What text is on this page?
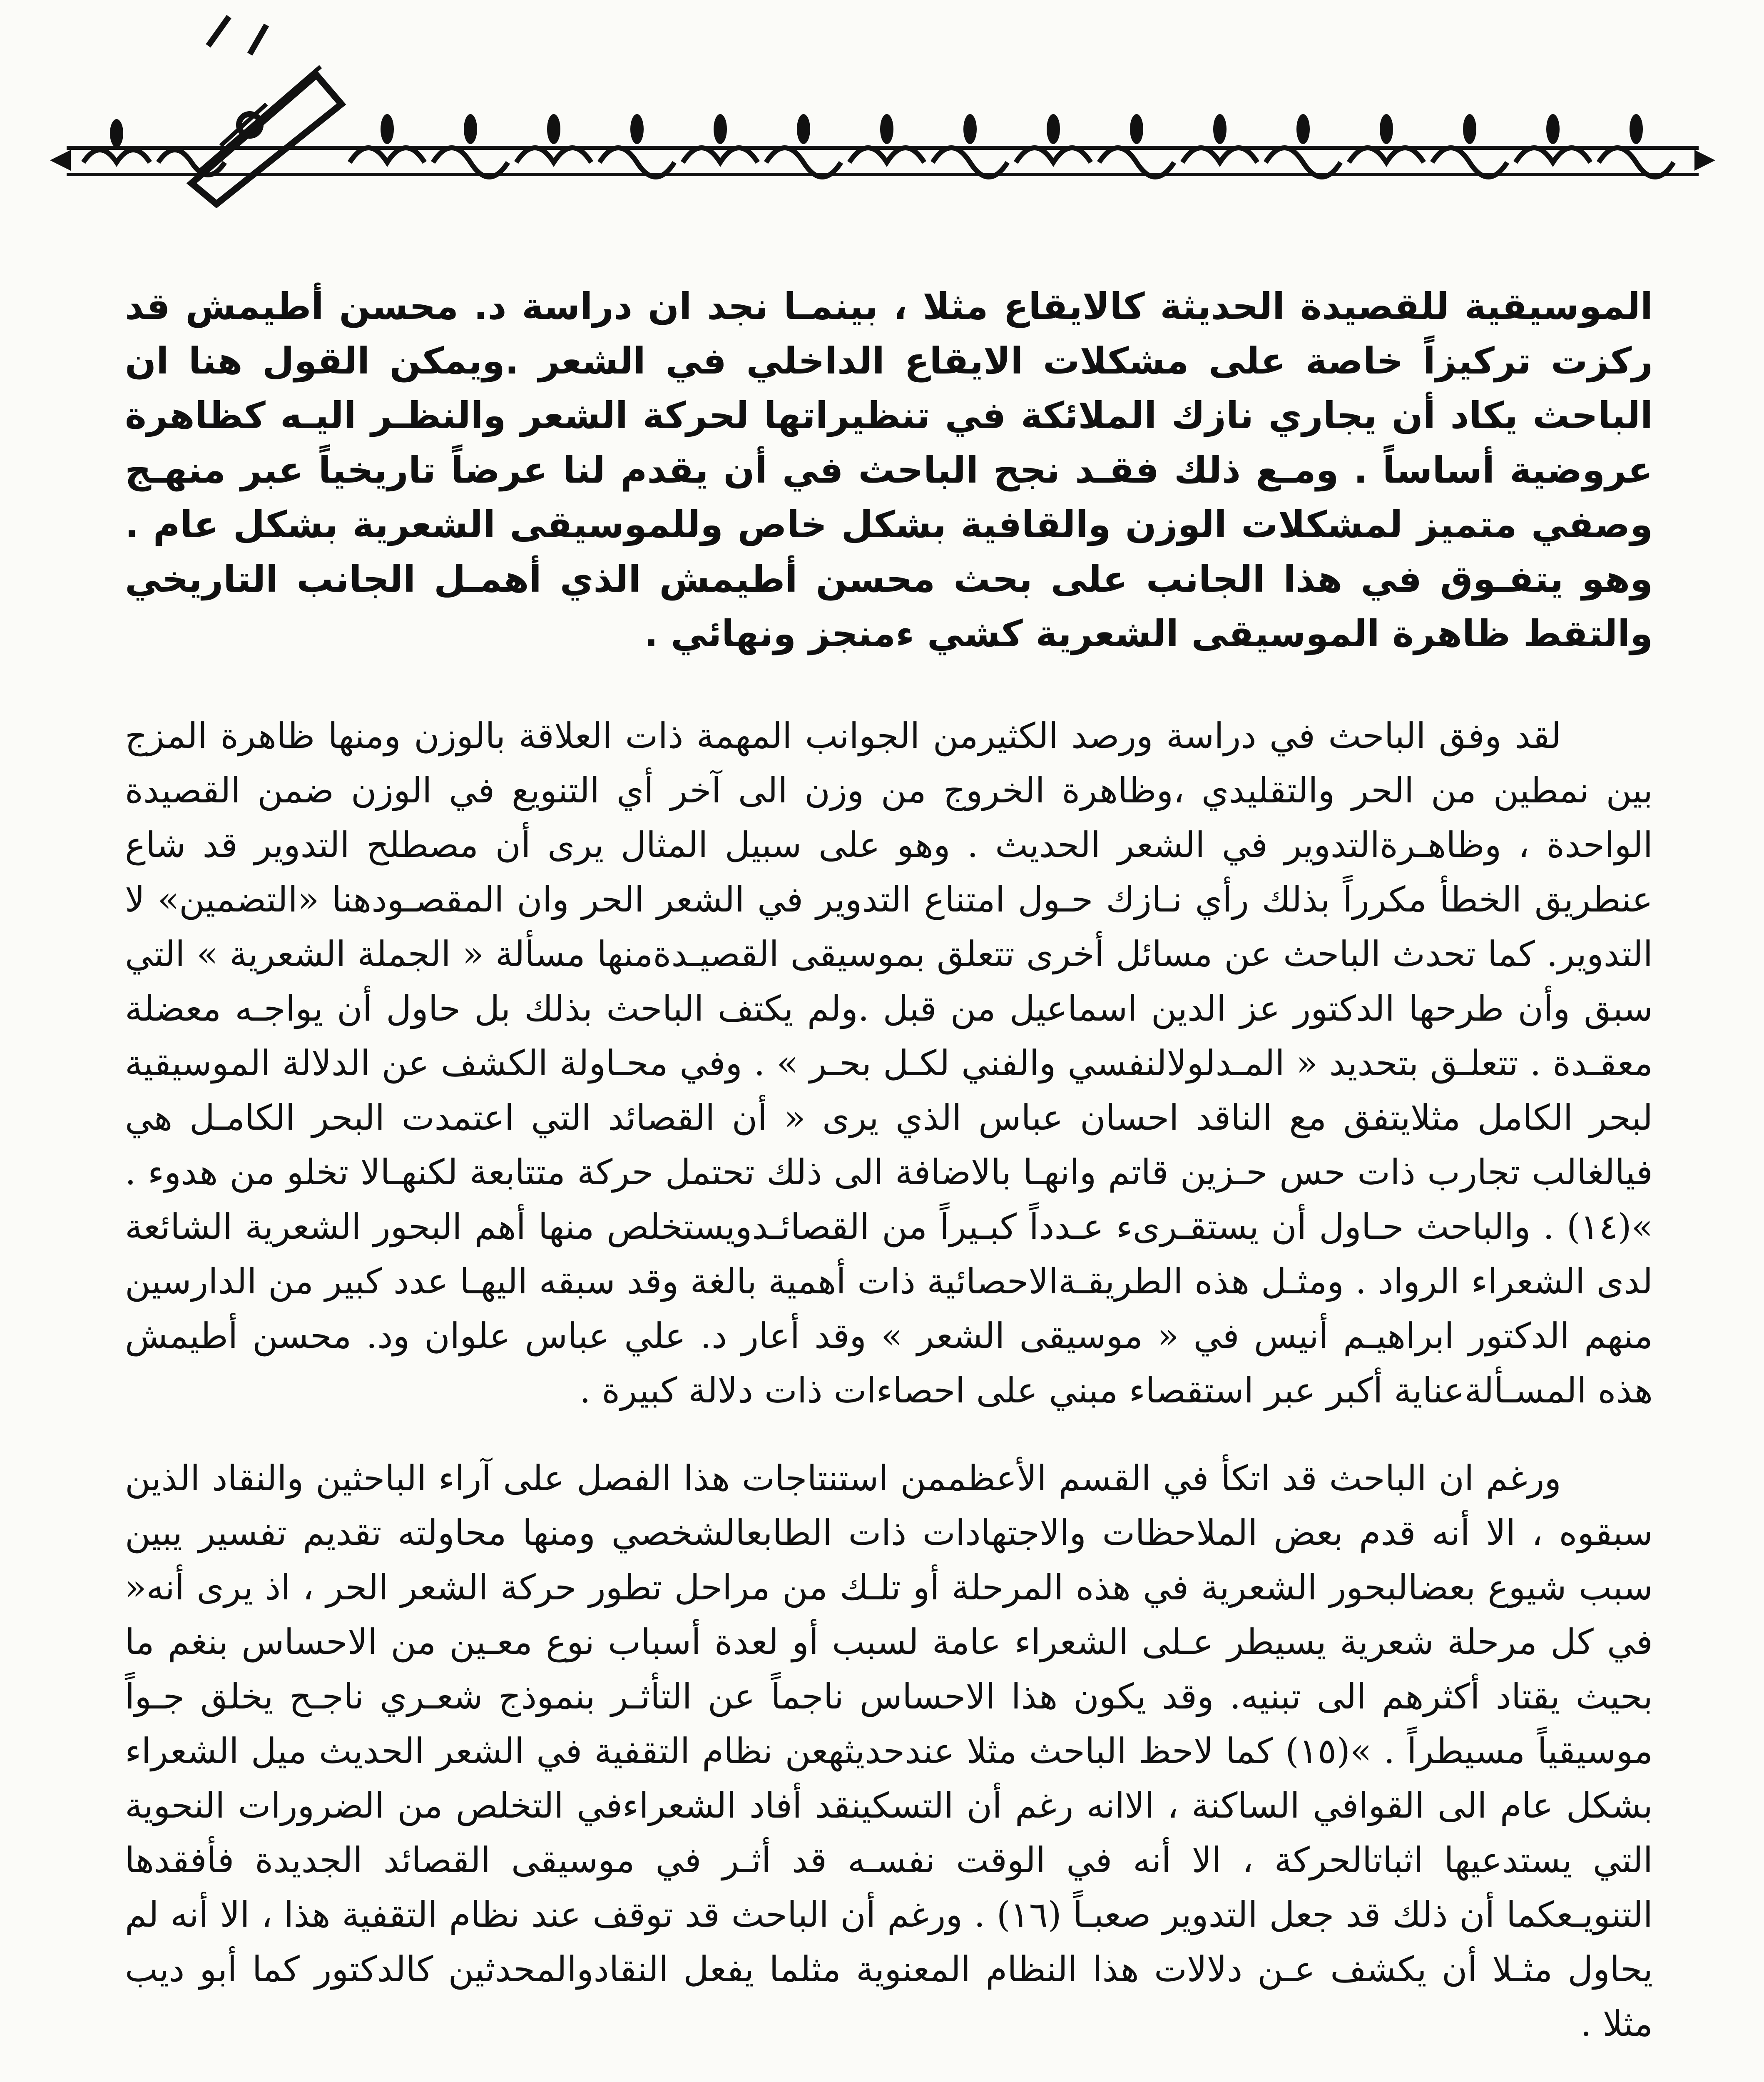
الموسيقية للقصيدة الحديثة كالايقاع مثلا ، بينمـا نجد ان دراسة د. محسن أطيمش قد ركزت تركيزاً خاصة على مشكلات الايقاع الداخلي في الشعر .ويمكن القول هنا ان الباحث يكاد أن يجاري نازك الملائكة في تنظيراتها لحركة الشعر والنظـر اليـه كظاهرة عروضية أساساً . ومـع ذلك فقـد نجح الباحث في أن يقدم لنا عرضاً تاريخياً عبر منهـج وصفي متميز لمشكلات الوزن والقافية بشكل خاص وللموسيقى الشعرية بشكل عام . وهو يتفـوق في هذا الجانب على بحث محسن أطيمش الذي أهمـل الجانب التاريخي والتقط ظاهرة الموسيقى الشعرية كشي ءمنجز ونهائي .

لقد وفق الباحث في دراسة ورصد الكثيرمن الجوانب المهمة ذات العلاقة بالوزن ومنها ظاهرة المزج بين نمطين من الحر والتقليدي ،وظاهرة الخروج من وزن الى آخر أي التنويع في الوزن ضمن القصيدة الواحدة ، وظاهـرةالتدوير في الشعر الحديث . وهو على سبيل المثال يرى أن مصطلح التدوير قد شاع عنطريق الخطأ مكرراً بذلك رأي نـازك حـول امتناع التدوير في الشعر الحر وان المقصـودهنا «التضمين» لا التدوير. كما تحدث الباحث عن مسائل أخرى تتعلق بموسيقى القصيـدةمنها مسألة « الجملة الشعرية » التي سبق وأن طرحها الدكتور عز الدين اسماعيل من قبل .ولم يكتف الباحث بذلك بل حاول أن يواجـه معضلة معقـدة . تتعلـق بتحديد « المـدلولالنفسي والفني لكـل بحـر » . وفي محـاولة الكشف عن الدلالة الموسيقية لبحر الكامل مثلايتفق مع الناقد احسان عباس الذي يرى « أن القصائد التي اعتمدت البحر الكامـل هي فيالغالب تجارب ذات حس حـزين قاتم وانهـا بالاضافة الى ذلك تحتمل حركة متتابعة لكنهـالا تخلو من هدوء . »(١٤) . والباحث حـاول أن يستقـرىء عـدداً كبـيراً من القصائـدويستخلص منها أهم البحور الشعرية الشائعة لدى الشعراء الرواد . ومثـل هذه الطريقـةالاحصائية ذات أهمية بالغة وقد سبقه اليهـا عدد كبير من الدارسين منهم الدكتور ابراهيـم أنيس في « موسيقى الشعر » وقد أعار د. علي عباس علوان ود. محسن أطيمش هذه المسـألةعناية أكبر عبر استقصاء مبني على احصاءات ذات دلالة كبيرة .

ورغم ان الباحث قد اتكأ في القسم الأعظممن استنتاجات هذا الفصل على آراء الباحثين والنقاد الذين سبقوه ، الا أنه قدم بعض الملاحظات والاجتهادات ذات الطابعالشخصي ومنها محاولته تقديم تفسير يبين سبب شيوع بعضالبحور الشعرية في هذه المرحلة أو تلـك من مراحل تطور حركة الشعر الحر ، اذ يرى أنه« في كل مرحلة شعرية يسيطر عـلى الشعراء عامة لسبب أو لعدة أسباب نوع معـين من الاحساس بنغم ما بحيث يقتاد أكثرهم الى تبنيه. وقد يكون هذا الاحساس ناجماً عن التأثـر بنموذج شعـري ناجـح يخلق جـواً موسيقياً مسيطراً . »(١٥) كما لاحظ الباحث مثلا عندحديثهعن نظام التقفية في الشعر الحديث ميل الشعراء بشكل عام الى القوافي الساكنة ، الاانه رغم أن التسكينقد أفاد الشعراءفي التخلص من الضرورات النحوية التي يستدعيها اثباتالحركة ، الا أنه في الوقت نفسـه قد أثـر في موسيقى القصائد الجديدة فأفقدها التنويـعكما أن ذلك قد جعل التدوير صعبـاً (١٦) . ورغم أن الباحث قد توقف عند نظام التقفية هذا ، الا أنه لم يحاول مثـلا أن يكشف عـن دلالات هذا النظام المعنوية مثلما يفعل النقادوالمحدثين كالدكتور كما أبو ديب مثلا .
